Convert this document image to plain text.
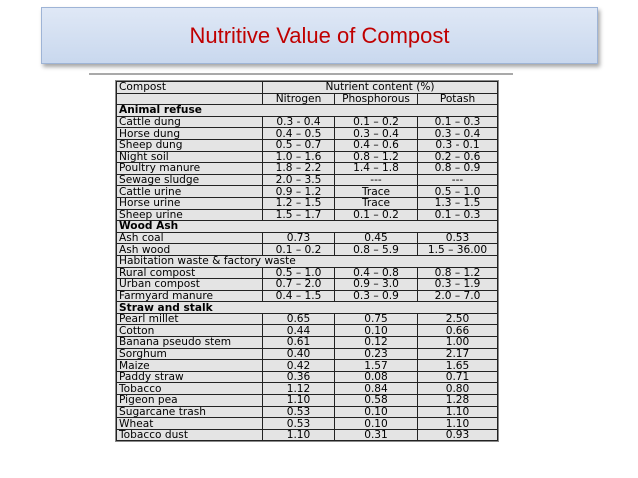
Nutritive Value of Compost
Compost	Nutrient content (%)		
	Nitrogen	Phosphorous	Potash
Animal refuse			
Cattle dung	0.3 - 0.4	0.1 – 0.2	0.1 – 0.3
Horse dung	0.4 – 0.5	0.3 – 0.4	0.3 – 0.4
Sheep dung	0.5 – 0.7	0.4 – 0.6	0.3 - 0.1
Night soil	1.0 – 1.6	0.8 – 1.2	0.2 – 0.6
Poultry manure	1.8 – 2.2	1.4 – 1.8	0.8 – 0.9
Sewage sludge	2.0 – 3.5	---	---
Cattle urine	0.9 – 1.2	Trace	0.5 – 1.0
Horse urine	1.2 – 1.5	Trace	1.3 – 1.5
Sheep urine	1.5 – 1.7	0.1 – 0.2	0.1 – 0.3
Wood Ash			
Ash coal	0.73	0.45	0.53
Ash wood	0.1 – 0.2	0.8 – 5.9	1.5 – 36.00
Habitation waste & factory waste			
Rural compost	0.5 – 1.0	0.4 – 0.8	0.8 – 1.2
Urban compost	0.7 – 2.0	0.9 – 3.0	0.3 – 1.9
Farmyard manure	0.4 – 1.5	0.3 – 0.9	2.0 – 7.0
Straw and stalk			
Pearl millet	0.65	0.75	2.50
Cotton	0.44	0.10	0.66
Banana pseudo stem	0.61	0.12	1.00
Sorghum	0.40	0.23	2.17
Maize	0.42	1.57	1.65
Paddy straw	0.36	0.08	0.71
Tobacco	1.12	0.84	0.80
Pigeon pea	1.10	0.58	1.28
Sugarcane trash	0.53	0.10	1.10
Wheat	0.53	0.10	1.10
Tobacco dust	1.10	0.31	0.93
